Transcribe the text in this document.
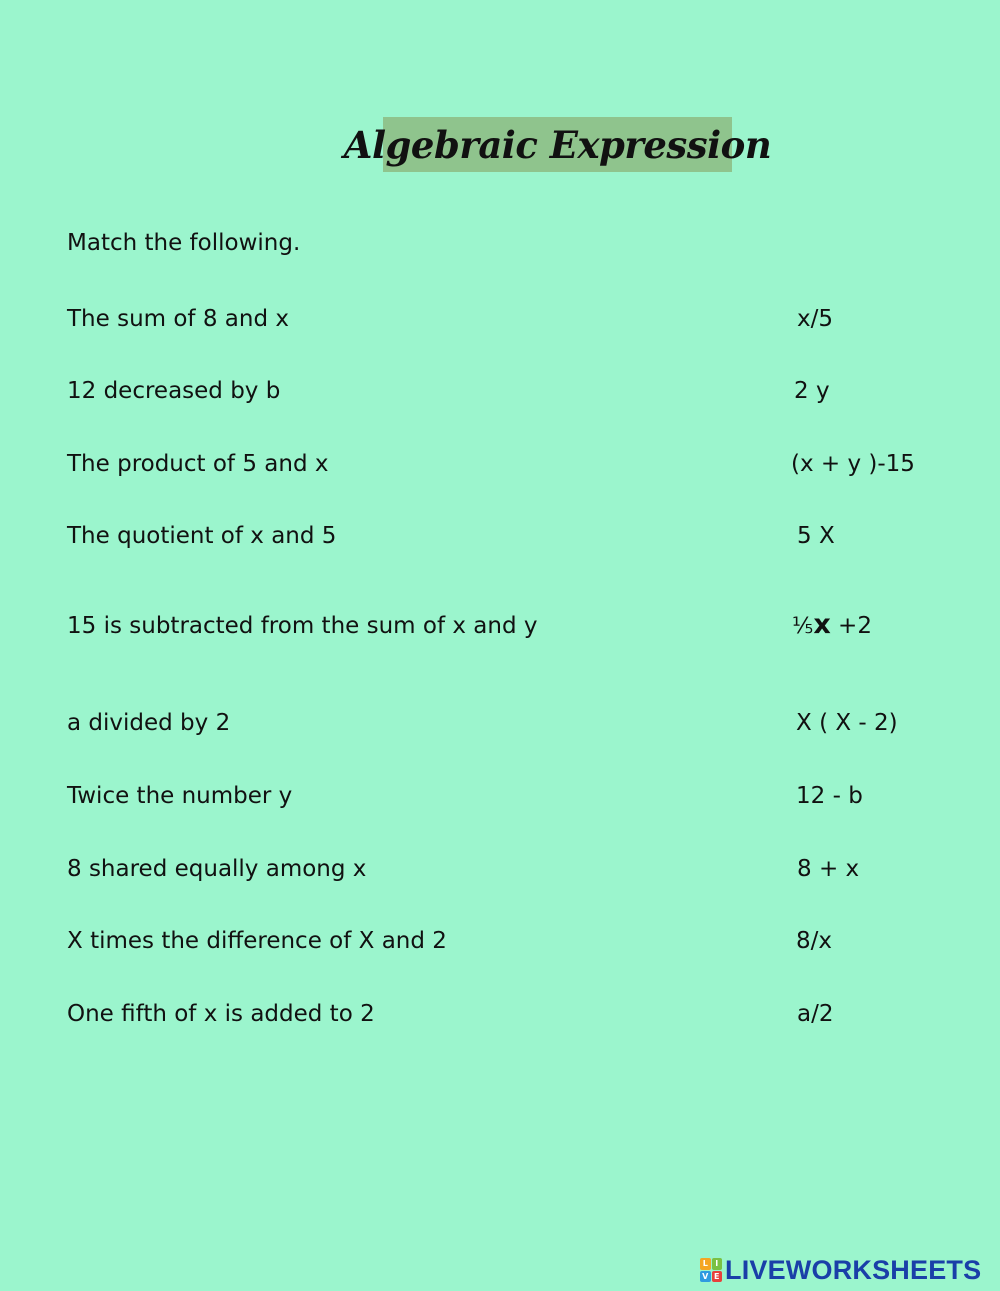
Algebraic Expression
Match the following.
The sum of 8 and x
12 decreased by b
The product of 5 and x
The quotient of x and 5
15 is subtracted from the sum of x and y
a divided by 2
Twice the number y
8 shared equally among x
X times the difference of X and 2
One fifth of x is added to 2
x/5
2 y
(x + y )-15
5 X
⅕x +2
X ( X - 2)
12 - b
8 + x
8/x
a/2
L I
V E LIVEWORKSHEETS
